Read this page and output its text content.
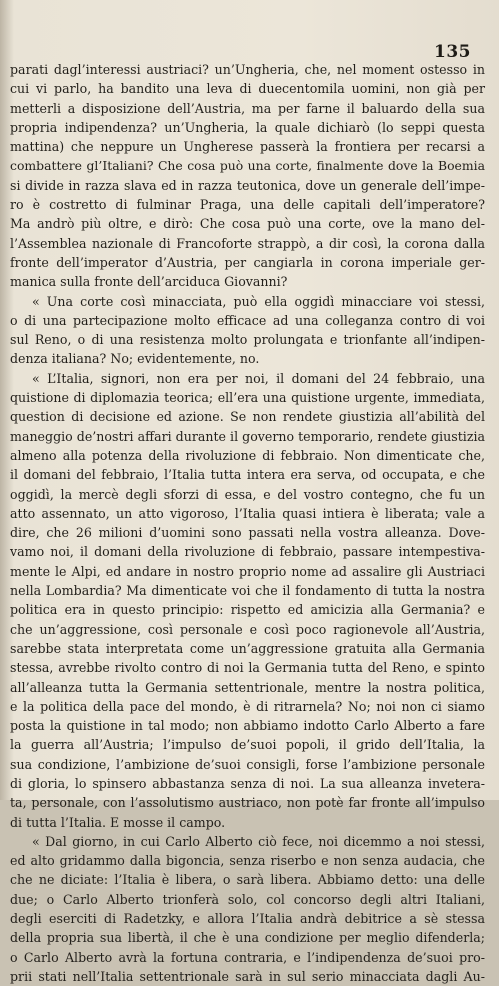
135
parati dagl’interessi austriaci? un’Ungheria, che, nel moment ostesso in
cui vi parlo, ha bandito una leva di duecentomila uomini, non già per
metterli a disposizione dell’Austria, ma per farne il baluardo della sua
propria indipendenza? un’Ungheria, la quale dichiarò (lo seppi questa
mattina) che neppure un Ungherese passerà la frontiera per recarsi a
combattere gl’Italiani? Che cosa può una corte, finalmente dove la Boemia
si divide in razza slava ed in razza teutonica, dove un generale dell’impe-
ro è costretto di fulminar Praga, una delle capitali dell’imperatore?
Ma andrò più oltre, e dirò: Che cosa può una corte, ove la mano del-
l’Assemblea nazionale di Francoforte strappò, a dir così, la corona dalla
fronte dell’imperator d’Austria, per cangiarla in corona imperiale ger-
manica sulla fronte dell’arciduca Giovanni?
« Una corte così minacciata, può ella oggidì minacciare voi stessi,
o di una partecipazione molto efficace ad una colleganza contro di voi
sul Reno, o di una resistenza molto prolungata e trionfante all’indipen-
denza italiana? No; evidentemente, no.
« L’Italia, signori, non era per noi, il domani del 24 febbraio, una
quistione di diplomazia teorica; ell’era una quistione urgente, immediata,
question di decisione ed azione. Se non rendete giustizia all’abilità del
maneggio de’nostri affari durante il governo temporario, rendete giustizia
almeno alla potenza della rivoluzione di febbraio. Non dimenticate che,
il domani del febbraio, l’Italia tutta intera era serva, od occupata, e che
oggidì, la mercè degli sforzi di essa, e del vostro contegno, che fu un
atto assennato, un atto vigoroso, l’Italia quasi intiera è liberata; vale a
dire, che 26 milioni d’uomini sono passati nella vostra alleanza. Dove-
vamo noi, il domani della rivoluzione di febbraio, passare intempestiva-
mente le Alpi, ed andare in nostro proprio nome ad assalire gli Austriaci
nella Lombardia? Ma dimenticate voi che il fondamento di tutta la nostra
politica era in questo principio: rispetto ed amicizia alla Germania? e
che un’aggressione, così personale e così poco ragionevole all’Austria,
sarebbe stata interpretata come un’aggressione gratuita alla Germania
stessa, avrebbe rivolto contro di noi la Germania tutta del Reno, e spinto
all’alleanza tutta la Germania settentrionale, mentre la nostra politica,
e la politica della pace del mondo, è di ritrarnela? No; noi non ci siamo
posta la quistione in tal modo; non abbiamo indotto Carlo Alberto a fare
la guerra all’Austria; l’impulso de’suoi popoli, il grido dell’Italia, la
sua condizione, l’ambizione de’suoi consigli, forse l’ambizione personale
di gloria, lo spinsero abbastanza senza di noi. La sua alleanza invetera-
ta, personale, con l’assolutismo austriaco, non potè far fronte all’impulso
di tutta l’Italia. E mosse il campo.
« Dal giorno, in cui Carlo Alberto ciò fece, noi dicemmo a noi stessi,
ed alto gridammo dalla bigoncia, senza riserbo e non senza audacia, che
che ne diciate: l’Italia è libera, o sarà libera. Abbiamo detto: una delle
due; o Carlo Alberto trionferà solo, col concorso degli altri Italiani,
degli eserciti di Radetzky, e allora l’Italia andrà debitrice a sè stessa
della propria sua libertà, il che è una condizione per meglio difenderla;
o Carlo Alberto avrà la fortuna contraria, e l’indipendenza de’suoi pro-
prii stati nell’Italia settentrionale sarà in sul serio minacciata dagli Au-
